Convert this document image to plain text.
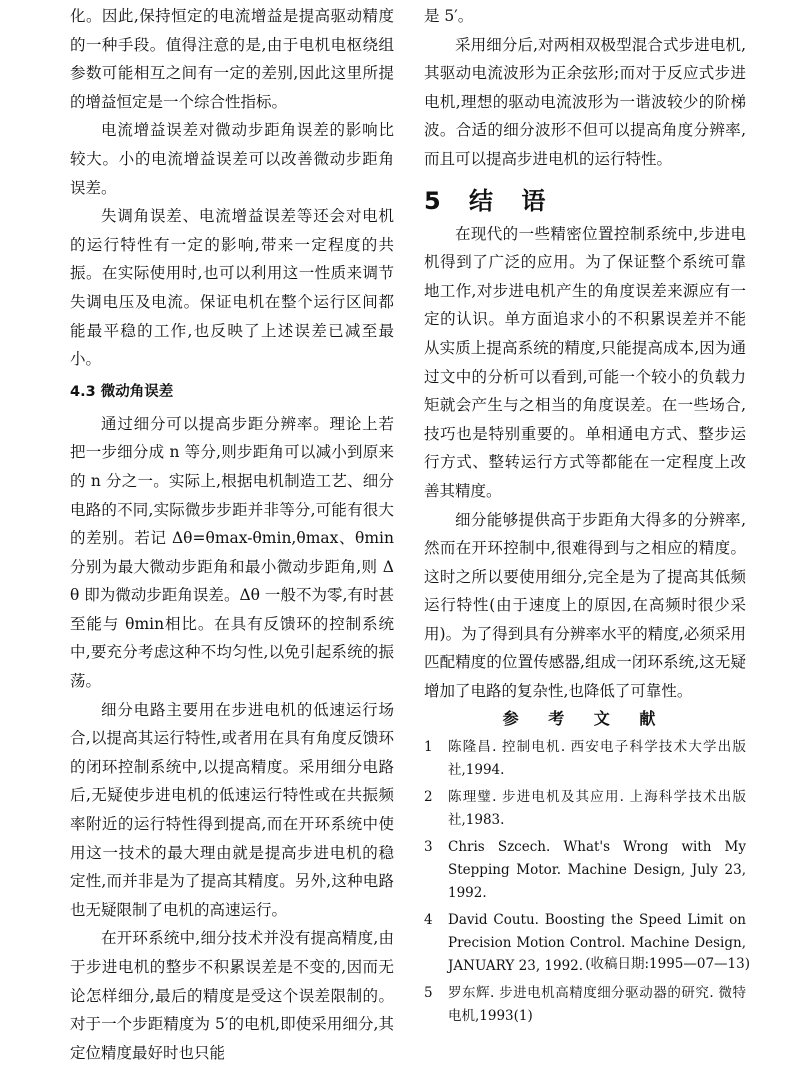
化。因此,保持恒定的电流增益是提高驱动精度的一种手段。值得注意的是,由于电机电枢绕组参数可能相互之间有一定的差别,因此这里所提的增益恒定是一个综合性指标。

电流增益误差对微动步距角误差的影响比较大。小的电流增益误差可以改善微动步距角误差。

失调角误差、电流增益误差等还会对电机的运行特性有一定的影响,带来一定程度的共振。在实际使用时,也可以利用这一性质来调节失调电压及电流。保证电机在整个运行区间都能最平稳的工作,也反映了上述误差已减至最小。

4.3 微动角误差

通过细分可以提高步距分辨率。理论上若把一步细分成 n 等分,则步距角可以减小到原来的 n 分之一。实际上,根据电机制造工艺、细分电路的不同,实际微步步距并非等分,可能有很大的差别。若记 Δθ=θmax-θmin,θmax、θmin分别为最大微动步距角和最小微动步距角,则 Δθ 即为微动步距角误差。Δθ 一般不为零,有时甚至能与 θmin相比。在具有反馈环的控制系统中,要充分考虑这种不均匀性,以免引起系统的振荡。

细分电路主要用在步进电机的低速运行场合,以提高其运行特性,或者用在具有角度反馈环的闭环控制系统中,以提高精度。采用细分电路后,无疑使步进电机的低速运行特性或在共振频率附近的运行特性得到提高,而在开环系统中使用这一技术的最大理由就是提高步进电机的稳定性,而并非是为了提高其精度。另外,这种电路也无疑限制了电机的高速运行。

在开环系统中,细分技术并没有提高精度,由于步进电机的整步不积累误差是不变的,因而无论怎样细分,最后的精度是受这个误差限制的。对于一个步距精度为 5′的电机,即使采用细分,其定位精度最好时也只能

是 5′。

采用细分后,对两相双极型混合式步进电机,其驱动电流波形为正余弦形;而对于反应式步进电机,理想的驱动电流波形为一谐波较少的阶梯波。合适的细分波形不但可以提高角度分辨率,而且可以提高步进电机的运行特性。

5 结 语

在现代的一些精密位置控制系统中,步进电机得到了广泛的应用。为了保证整个系统可靠地工作,对步进电机产生的角度误差来源应有一定的认识。单方面追求小的不积累误差并不能从实质上提高系统的精度,只能提高成本,因为通过文中的分析可以看到,可能一个较小的负载力矩就会产生与之相当的角度误差。在一些场合,技巧也是特别重要的。单相通电方式、整步运行方式、整转运行方式等都能在一定程度上改善其精度。

细分能够提供高于步距角大得多的分辨率,然而在开环控制中,很难得到与之相应的精度。这时之所以要使用细分,完全是为了提高其低频运行特性(由于速度上的原因,在高频时很少采用)。为了得到具有分辨率水平的精度,必须采用匹配精度的位置传感器,组成一闭环系统,这无疑增加了电路的复杂性,也降低了可靠性。

参 考 文 献
1	陈隆昌. 控制电机. 西安电子科学技术大学出版社,1994.
2	陈理璧. 步进电机及其应用. 上海科学技术出版社,1983.
3	Chris Szcech. What's Wrong with My Stepping Motor. Machine Design, July 23, 1992.
4	David Coutu. Boosting the Speed Limit on Precision Motion Control. Machine Design, JANUARY 23, 1992.
5	罗东辉. 步进电机高精度细分驱动器的研究. 微特电机,1993(1)
(收稿日期:1995—07—13)
